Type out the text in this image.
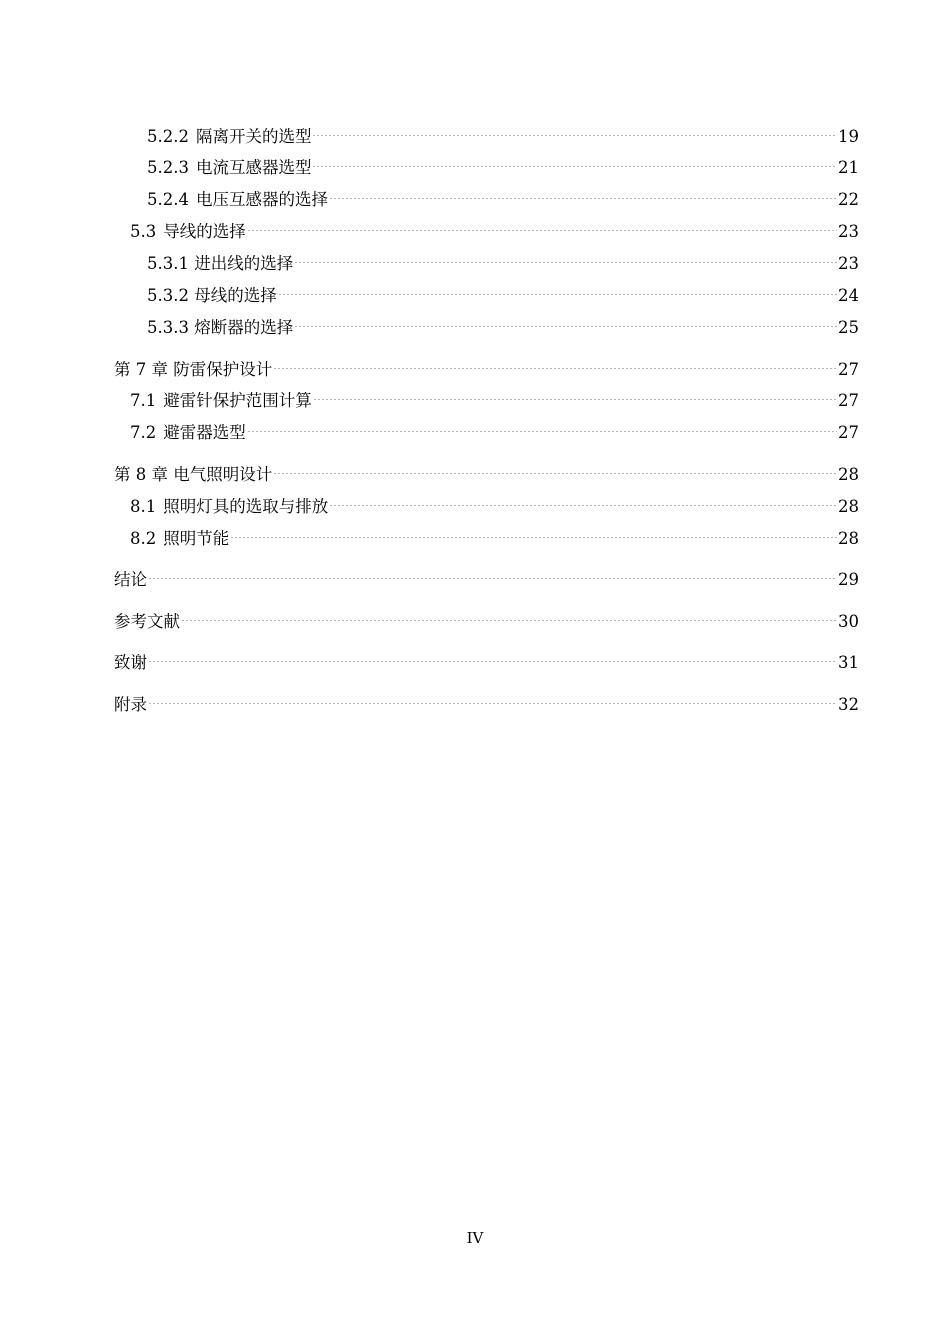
5.2.2 隔离开关的选型	19
5.2.3 电流互感器选型	21
5.2.4 电压互感器的选择	22
5.3 导线的选择	23
5.3.1 进出线的选择	23
5.3.2 母线的选择	24
5.3.3 熔断器的选择	25
第 7 章 防雷保护设计	27
7.1 避雷针保护范围计算	27
7.2 避雷器选型	27
第 8 章 电气照明设计	28
8.1 照明灯具的选取与排放	28
8.2 照明节能	28
结论	29
参考文献	30
致谢	31
附录	32
IV
